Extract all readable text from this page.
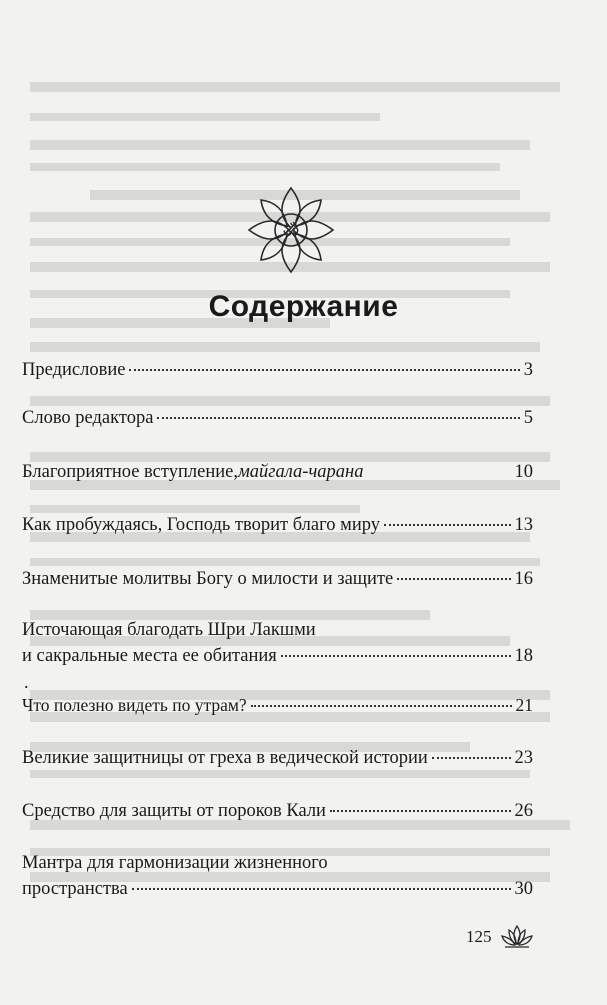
ॐ
Содержание
Предисловие	3
Слово редактора	5
Благоприятное вступление, майгала-чарана	10
Как пробуждаясь, Господь творит благо миру	13
Знаменитые молитвы Богу о милости и защите	16
Источающая благодать Шри Лакшми
и сакральные места ее обитания	18
.
Что полезно видеть по утрам?	21
Великие защитницы от греха в ведической истории	23
Средство для защиты от пороков Кали	26
Мантра для гармонизации жизненного
пространства	30
125
